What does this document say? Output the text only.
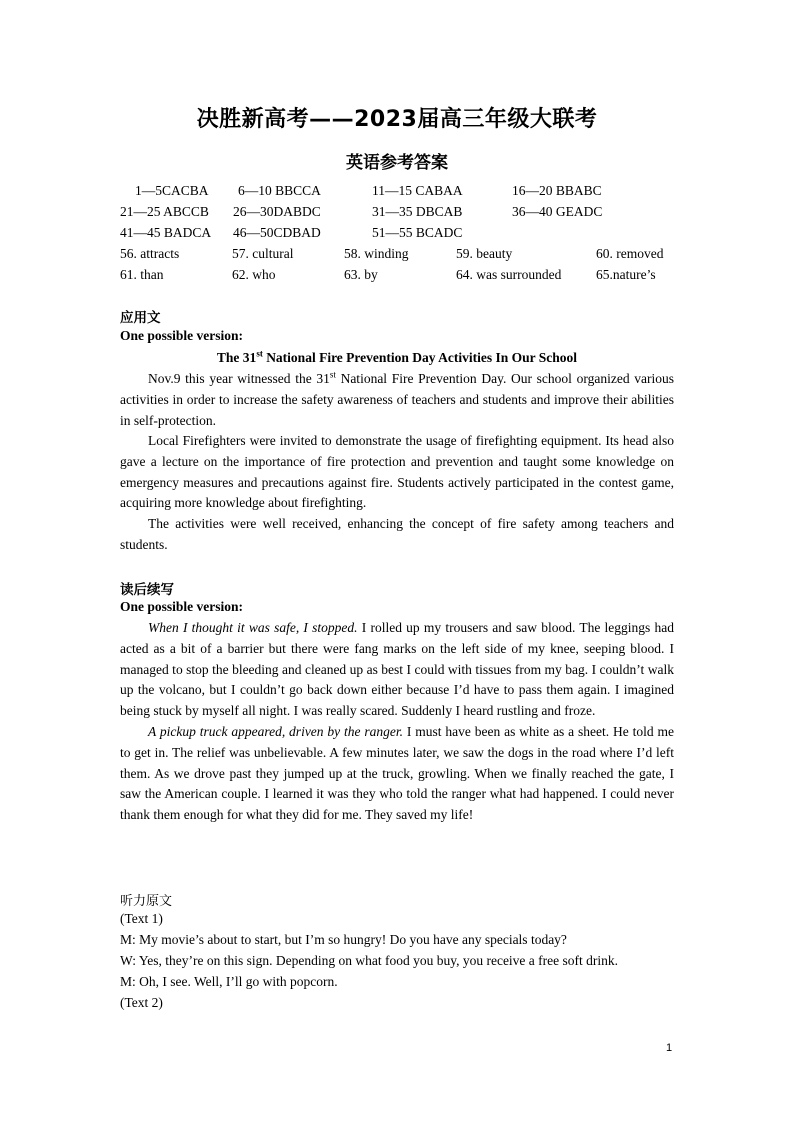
决胜新高考——2023届高三年级大联考
英语参考答案
1—5CACBA 6—10 BBCCA	11—15 CABAA	16—20 BBABC
21—25 ABCCB 26—30DABDC	31—35 DBCAB	36—40 GEADC
41—45 BADCA 46—50CDBAD	51—55 BCADC
56. attracts	57. cultural	58. winding	59. beauty	60. removed
61. than	62. who	63. by	64. was surrounded	65.nature’s
应用文
One possible version:
The 31st National Fire Prevention Day Activities In Our School

Nov.9 this year witnessed the 31st National Fire Prevention Day. Our school organized various activities in order to increase the safety awareness of teachers and students and improve their abilities in self-protection.

Local Firefighters were invited to demonstrate the usage of firefighting equipment. Its head also gave a lecture on the importance of fire protection and prevention and taught some knowledge on emergency measures and precautions against fire. Students actively participated in the contest game, acquiring more knowledge about firefighting.

The activities were well received, enhancing the concept of fire safety among teachers and students.

读后续写
One possible version:

When I thought it was safe, I stopped. I rolled up my trousers and saw blood. The leggings had acted as a bit of a barrier but there were fang marks on the left side of my knee, seeping blood. I managed to stop the bleeding and cleaned up as best I could with tissues from my bag. I couldn’t walk up the volcano, but I couldn’t go back down either because I’d have to pass them again. I imagined being stuck by myself all night. I was really scared. Suddenly I heard rustling and froze.

A pickup truck appeared, driven by the ranger. I must have been as white as a sheet. He told me to get in. The relief was unbelievable. A few minutes later, we saw the dogs in the road where I’d left them. As we drove past they jumped up at the truck, growling. When we finally reached the gate, I saw the American couple. I learned it was they who told the ranger what had happened. I could never thank them enough for what they did for me. They saved my life!

听力原文
(Text 1)
M: My movie’s about to start, but I’m so hungry! Do you have any specials today?
W: Yes, they’re on this sign. Depending on what food you buy, you receive a free soft drink.
M: Oh, I see. Well, I’ll go with popcorn.
(Text 2)
1
